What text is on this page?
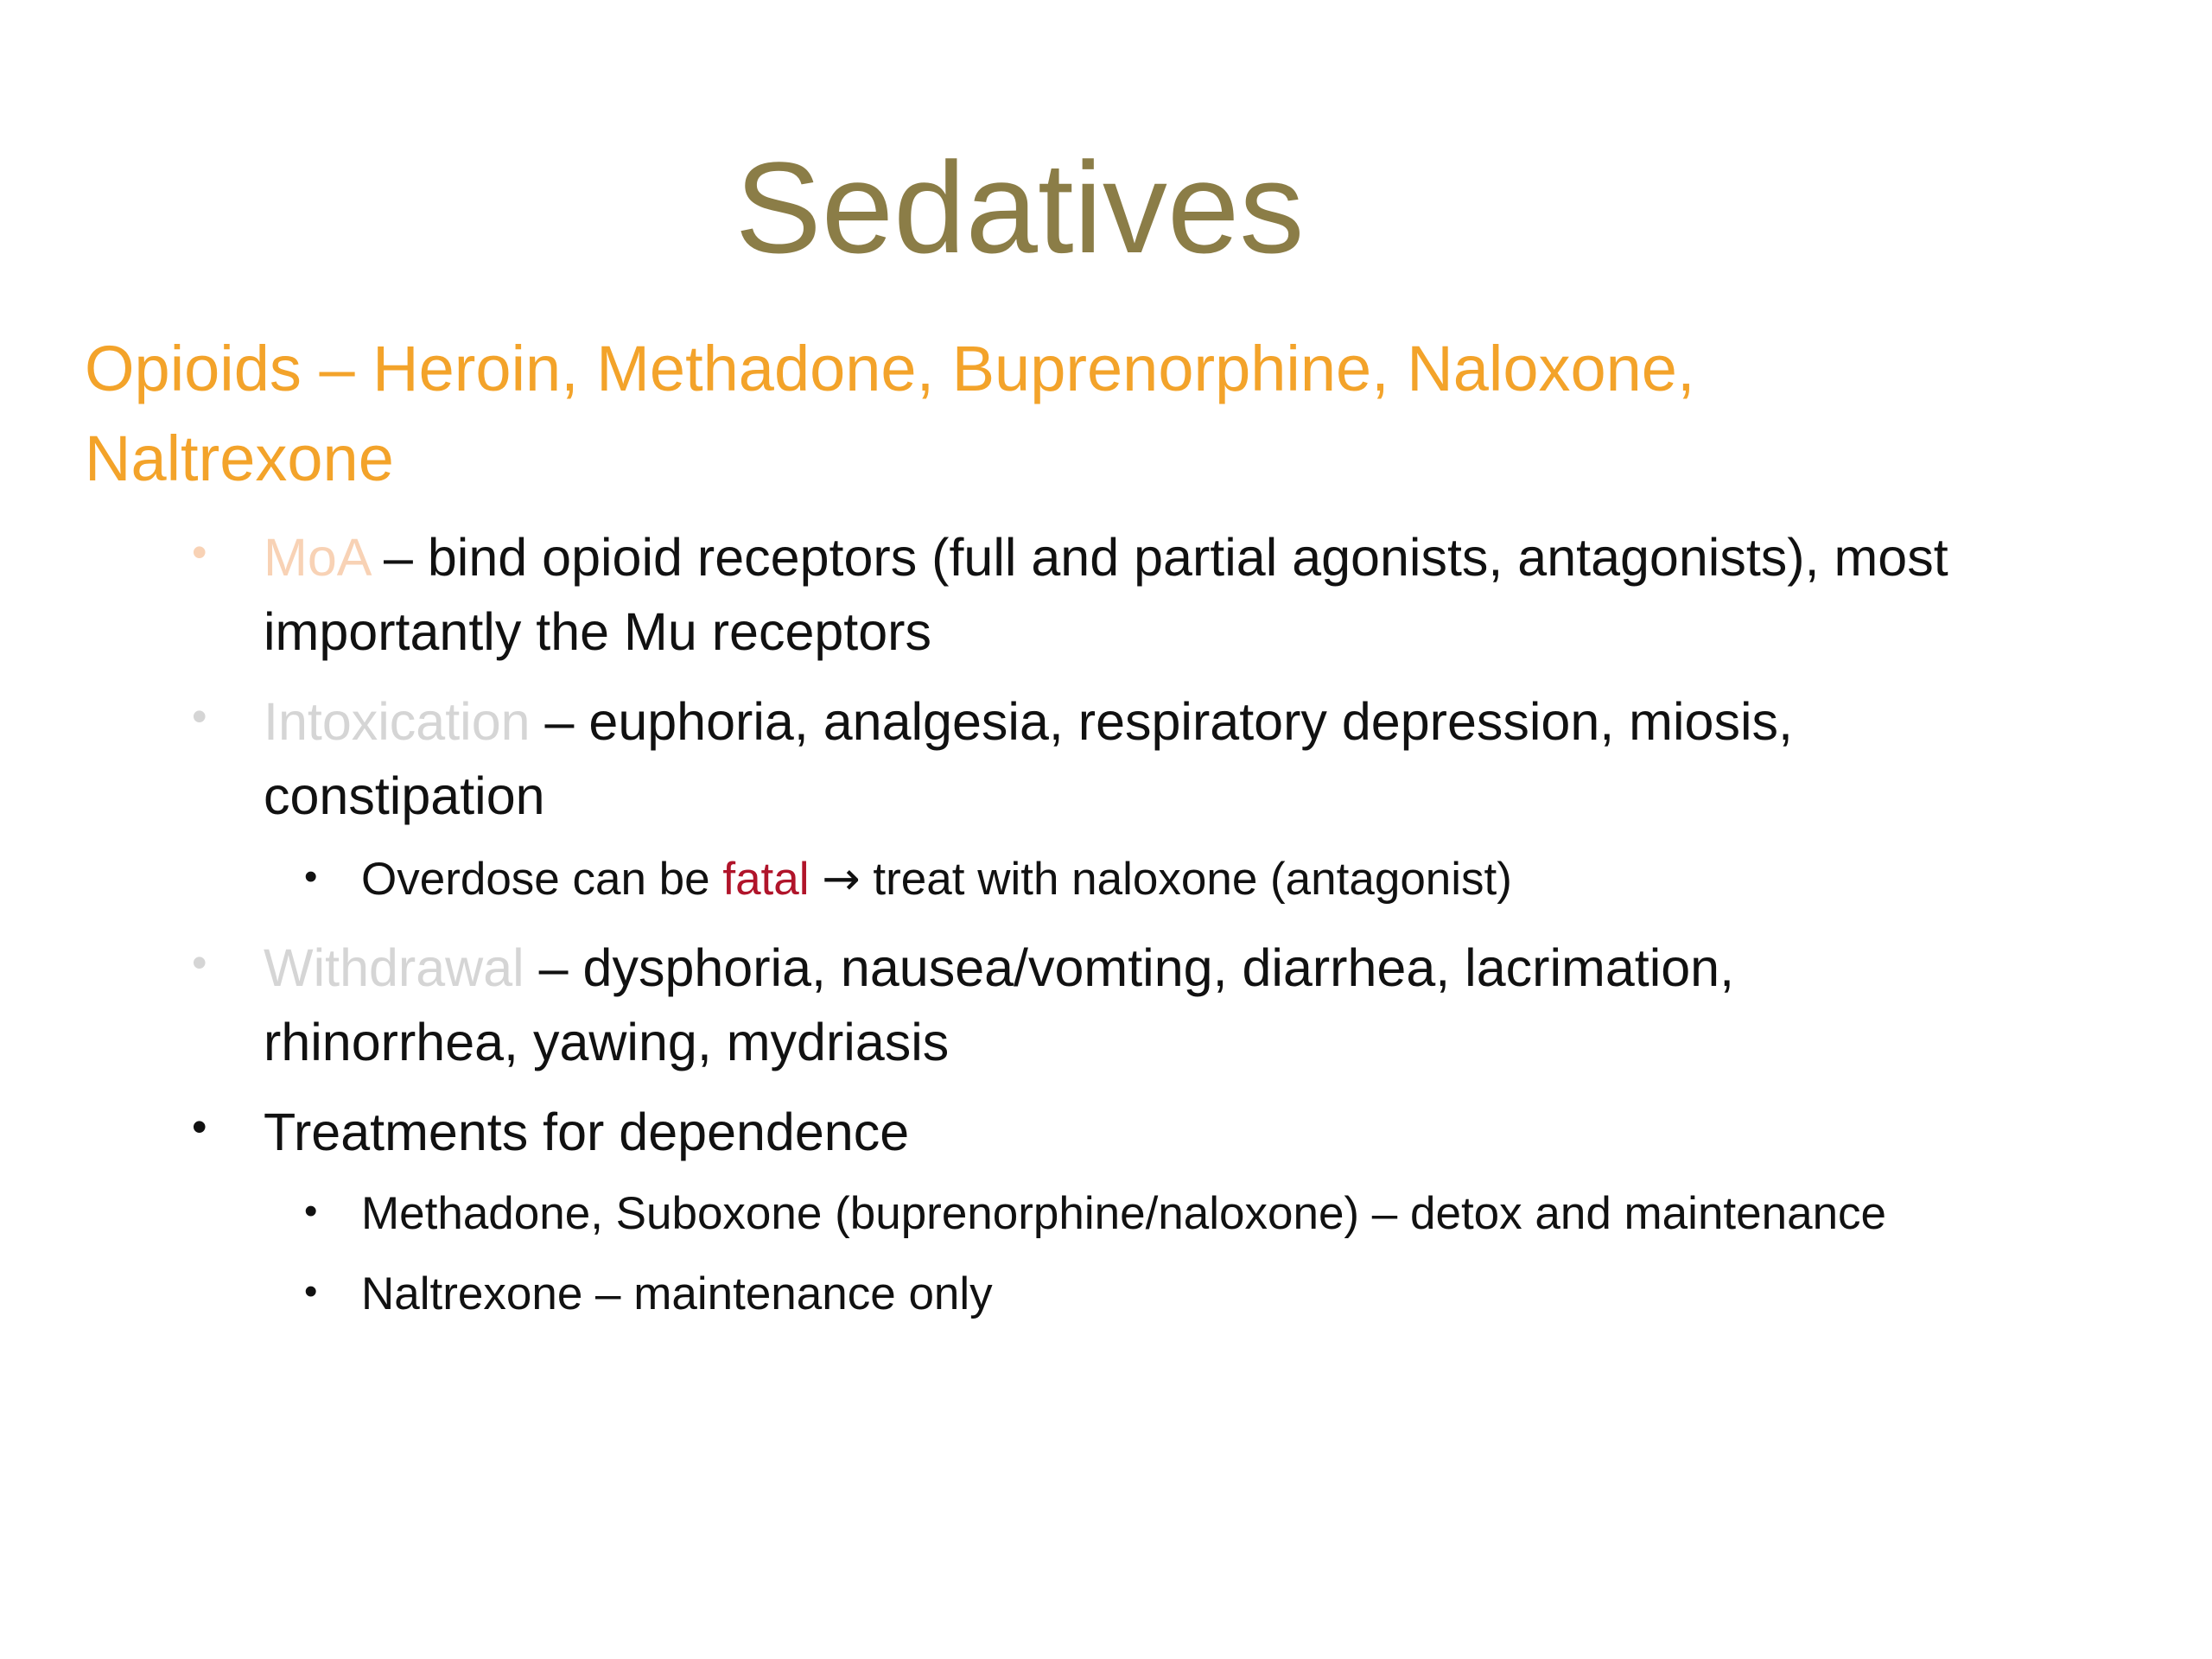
Sedatives
Opioids – Heroin, Methadone, Buprenorphine, Naloxone,
Naltrexone
• MoA – bind opioid receptors (full and partial agonists, antagonists), most
importantly the Mu receptors
• Intoxication – euphoria, analgesia, respiratory depression, miosis,
constipation
• Overdose can be fatal → treat with naloxone (antagonist)
• Withdrawal – dysphoria, nausea/vomting, diarrhea, lacrimation,
rhinorrhea, yawing, mydriasis
• Treatments for dependence
• Methadone, Suboxone (buprenorphine/naloxone) – detox and maintenance
• Naltrexone – maintenance only
